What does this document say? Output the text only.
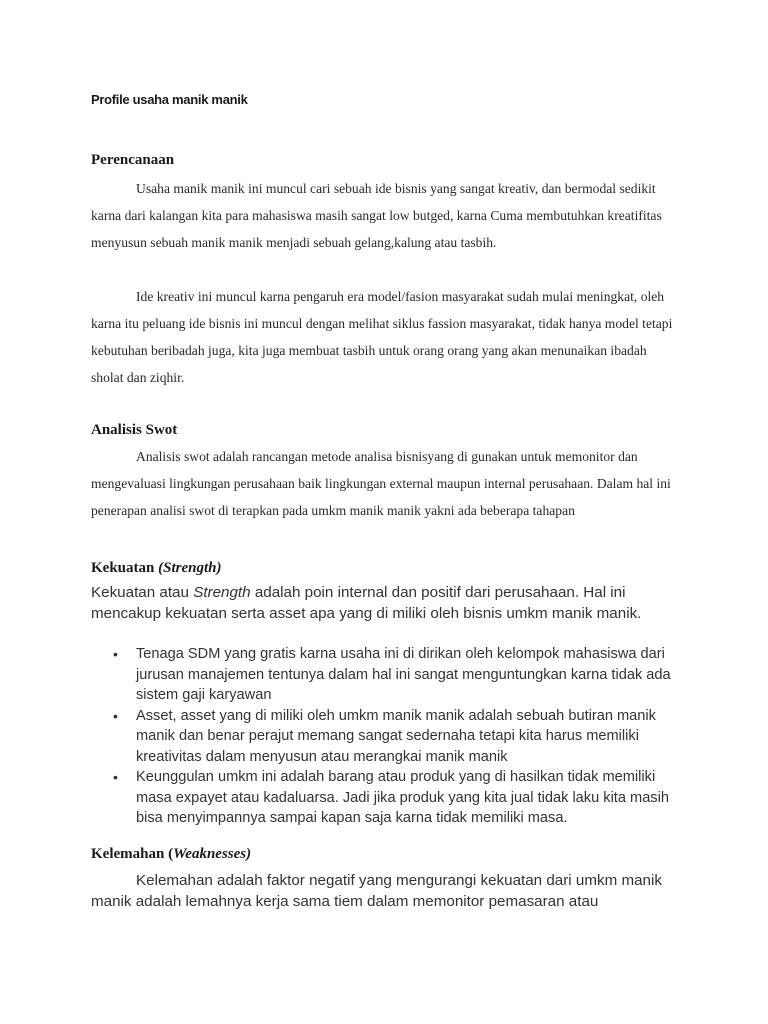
Profile usaha manik manik
Perencanaan
Usaha manik manik ini muncul cari sebuah ide bisnis yang sangat kreativ, dan bermodal sedikit karna dari kalangan kita para mahasiswa masih sangat low butged, karna Cuma membutuhkan kreatifitas menyusun sebuah manik manik menjadi sebuah gelang,kalung atau tasbih.
Ide kreativ ini muncul karna pengaruh era model/fasion masyarakat sudah mulai meningkat, oleh karna itu peluang ide bisnis ini muncul dengan melihat siklus fassion masyarakat, tidak hanya model tetapi kebutuhan beribadah juga, kita juga membuat tasbih untuk orang orang yang akan menunaikan ibadah sholat dan ziqhir.
Analisis Swot
Analisis swot adalah rancangan metode analisa bisnisyang di gunakan untuk memonitor dan mengevaluasi lingkungan perusahaan baik lingkungan external maupun internal perusahaan. Dalam hal ini penerapan analisi swot di terapkan pada umkm manik manik yakni ada beberapa tahapan
Kekuatan (Strength)
Kekuatan atau Strength adalah poin internal dan positif dari perusahaan. Hal ini mencakup kekuatan serta asset apa yang di miliki oleh bisnis umkm manik manik.
• Tenaga SDM yang gratis karna usaha ini di dirikan oleh kelompok mahasiswa dari jurusan manajemen tentunya dalam hal ini sangat menguntungkan karna tidak ada sistem gaji karyawan
• Asset, asset yang di miliki oleh umkm manik manik adalah sebuah butiran manik manik dan benar perajut memang sangat sedernaha tetapi kita harus memiliki kreativitas dalam menyusun atau merangkai manik manik
• Keunggulan umkm ini adalah barang atau produk yang di hasilkan tidak memiliki masa expayet atau kadaluarsa. Jadi jika produk yang kita jual tidak laku kita masih bisa menyimpannya sampai kapan saja karna tidak memiliki masa.
Kelemahan (Weaknesses)
Kelemahan adalah faktor negatif yang mengurangi kekuatan dari umkm manik manik adalah lemahnya kerja sama tiem dalam memonitor pemasaran atau
